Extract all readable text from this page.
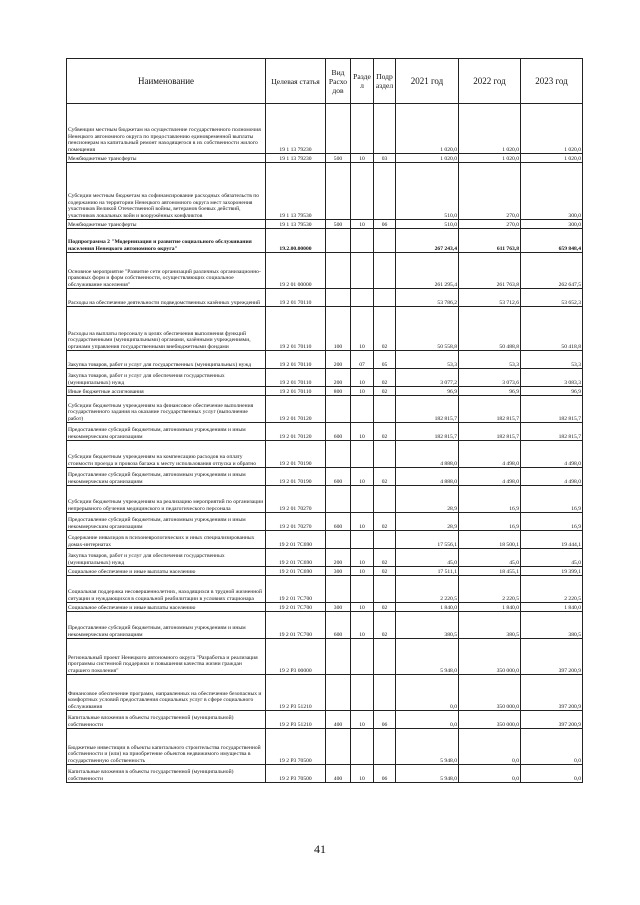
Наименование	Целевая статья	Вид Расхо дов	Разде л	Подр аздел	2021 год	2022 год	2023 год
Субвенции местным бюджетам на осуществление государственного полномочия Ненецкого автономного округа по предоставлению единовременной выплаты пенсионерам на капитальный ремонт находящегося в их собственности жилого помещения	19 1 13 79230				1 020,0	1 020,0	1 020,0
Межбюджетные трансферты	19 1 13 79230	500	10	03	1 020,0	1 020,0	1 020,0
Субсидии местным бюджетам на софинансирование расходных обязательств по содержанию на территории Ненецкого автономного округа мест захоронения участников Великой Отечественной войны, ветеранов боевых действий, участников локальных войн и вооружённых конфликтов	19 1 13 79530				510,0	270,0	300,0
Межбюджетные трансферты	19 1 13 79530	500	10	06	510,0	270,0	300,0
Подпрограмма 2 "Модернизация и развитие социального обслуживания населения Ненецкого автономного округа"	19.2.00.00000				267 243,4	611 763,8	659 848,4
Основное мероприятие "Развитие сети организаций различных организационно-правовых форм и форм собственности, осуществляющих социальное обслуживание населения"	19 2 01 00000				261 295,4	261 763,8	262 647,5
Расходы на обеспечение деятельности подведомственных казённых учреждений	19 2 01 70110				53 786,2	53 712,6	53 652,3
Расходы на выплаты персоналу в целях обеспечения выполнения функций государственными (муниципальными) органами, казёнными учреждениями, органами управления государственными внебюджетными фондами	19 2 01 70110	100	10	02	50 558,8	50 488,8	50 418,8
Закупка товаров, работ и услуг для государственных (муниципальных) нужд	19 2 01 70110	200	07	05	53,3	53,3	53,3
Закупка товаров, работ и услуг для обеспечения государственных (муниципальных) нужд	19 2 01 70110	200	10	02	3 077,2	3 073,6	3 083,3
Иные бюджетные ассигнования	19 2 01 70110	800	10	02	96,9	96,9	96,9
Субсидии бюджетным учреждениям на финансовое обеспечение выполнения государственного задания на оказание государственных услуг (выполнение работ)	19 2 01 70120				182 815,7	182 815,7	182 815,7
Предоставление субсидий бюджетным, автономным учреждениям и иным некоммерческим организациям	19 2 01 70120	600	10	02	182 815,7	182 815,7	182 815,7
Субсидии бюджетным учреждениям на компенсацию расходов на оплату стоимости проезда и провоза багажа к месту использования отпуска и обратно	19 2 01 70190				4 888,0	4 498,0	4 498,0
Предоставление субсидий бюджетным, автономным учреждениям и иным некоммерческим организациям	19 2 01 70190	600	10	02	4 888,0	4 498,0	4 498,0
Субсидии бюджетным учреждениям на реализацию мероприятий по организации непрерывного обучения медицинского и педагогического персонала	19 2 01 70270				28,9	16,9	16,9
Предоставление субсидий бюджетным, автономным учреждениям и иным некоммерческим организациям	19 2 01 70270	600	10	02	28,9	16,9	16,9
Содержание инвалидов в психоневрологических и иных специализированных домах-интернатах	19 2 01 7С690				17 556,1	18 500,1	19 444,1
Закупка товаров, работ и услуг для обеспечения государственных (муниципальных) нужд	19 2 01 7С690	200	10	02	45,0	45,0	45,0
Социальное обеспечение и иные выплаты населению	19 2 01 7С690	300	10	02	17 511,1	18 455,1	19 399,1
Социальная поддержка несовершеннолетних, находящихся в трудной жизненной ситуации и нуждающихся в социальной реабилитации в условиях стационара	19 2 01 7С700				2 220,5	2 220,5	2 220,5
Социальное обеспечение и иные выплаты населению	19 2 01 7С700	300	10	02	1 840,0	1 840,0	1 840,0
Предоставление субсидий бюджетным, автономным учреждениям и иным некоммерческим организациям	19 2 01 7С700	600	10	02	380,5	380,5	380,5
Региональный проект Ненецкого автономного округа "Разработка и реализация программы системной поддержки и повышения качества жизни граждан старшего поколения"	19 2 Р3 00000				5 948,0	350 000,0	397 200,9
Финансовое обеспечение программ, направленных на обеспечение безопасных и комфортных условий предоставления социальных услуг в сфере социального обслуживания	19 2 Р3 51210				0,0	350 000,0	397 200,9
Капитальные вложения в объекты государственной (муниципальной) собственности	19 2 Р3 51210	400	10	06	0,0	350 000,0	397 200,9
Бюджетные инвестиции в объекты капитального строительства государственной собственности и (или) на приобретение объектов недвижимого имущества в государственную собственность	19 2 Р3 70500				5 948,0	0,0	0,0
Капитальные вложения в объекты государственной (муниципальной) собственности	19 2 Р3 70500	400	10	06	5 948,0	0,0	0,0
41
